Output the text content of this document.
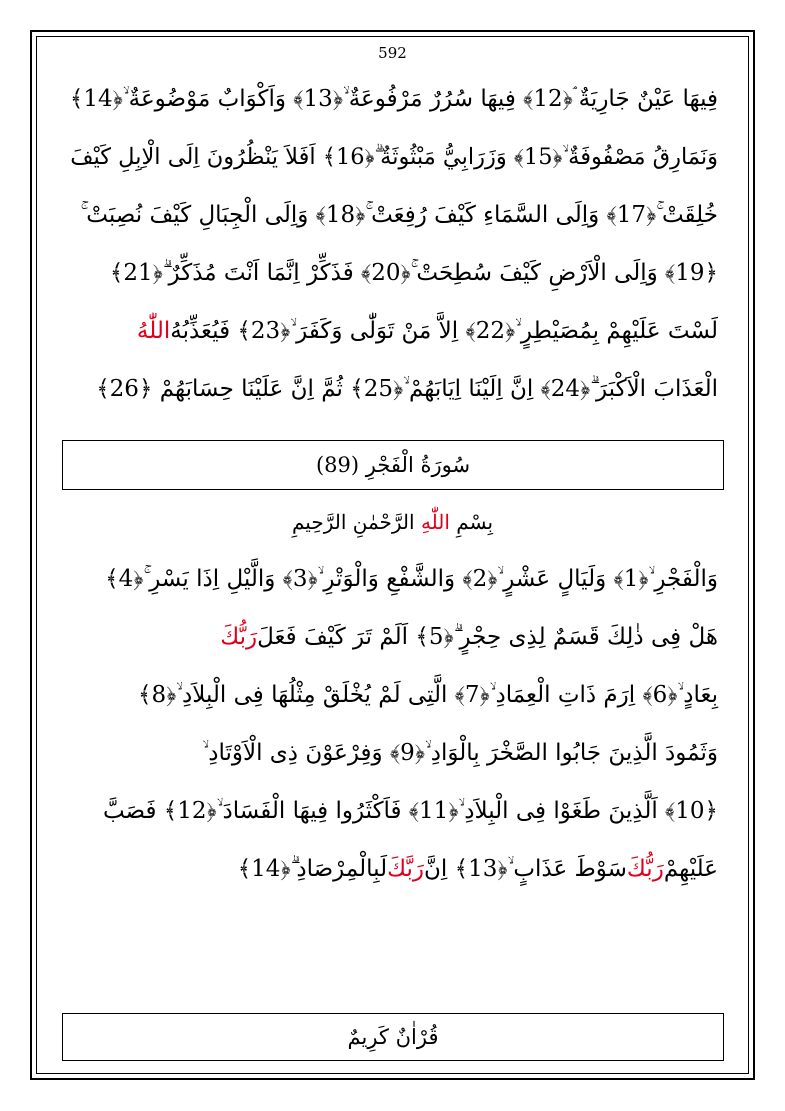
592
فِيهَا عَيْنٌ جَارِيَةٌ ۘ﴿12﴾ فِيهَا سُرُرٌ مَرْفُوعَةٌ ۙ﴿13﴾ وَاَكْوَابٌ مَوْضُوعَةٌ ۙ﴿14﴾
وَنَمَارِقُ مَصْفُوفَةٌ ۙ﴿15﴾ وَزَرَابِيُّ مَبْثُوثَةٌ ۗ﴿16﴾ اَفَلاَ يَنْظُرُونَ اِلَى الْاِبِلِ كَيْفَ
خُلِقَتْ ۚ﴿17﴾ وَاِلَى السَّمَاءِ كَيْفَ رُفِعَتْ ۚ﴿18﴾ وَاِلَى الْجِبَالِ كَيْفَ نُصِبَتْ ۚ
﴿19﴾ وَاِلَى الْاَرْضِ كَيْفَ سُطِحَتْ ۚ﴿20﴾ فَذَكِّرْ اِنَّمَا اَنْتَ مُذَكِّرٌ ۗ﴿21﴾
لَسْتَ عَلَيْهِمْ بِمُصَيْطِرٍ ۙ﴿22﴾ اِلاَّ مَنْ تَوَلّٰى وَكَفَرَ ۙ﴿23﴾ فَيُعَذِّبُهُ
اللّٰهُ
الْعَذَابَ الْاَكْبَرَ ۗ﴿24﴾ اِنَّ اِلَيْنَا اِيَابَهُمْ ۙ﴿25﴾ ثُمَّ اِنَّ عَلَيْنَا حِسَابَهُمْ ﴿26﴾
سُورَةُ الْفَجْرِ (89)
بِسْمِ اللّٰهِ الرَّحْمٰنِ الرَّحِيمِ
وَالْفَجْرِ ۙ﴿1﴾ وَلَيَالٍ عَشْرٍ ۙ﴿2﴾ وَالشَّفْعِ وَالْوَتْرِ ۙ﴿3﴾ وَالَّيْلِ اِذَا يَسْرِ ۚ﴿4﴾
هَلْ فِى ذٰلِكَ قَسَمٌ لِذِى حِجْرٍ ۗ﴿5﴾ اَلَمْ تَرَ كَيْفَ فَعَلَ
رَبُّكَ
بِعَادٍ ۙ﴿6﴾ اِرَمَ ذَاتِ الْعِمَادِ ۙ﴿7﴾ الَّتِى لَمْ يُخْلَقْ مِثْلُهَا فِى الْبِلاَدِ ۙ﴿8﴾
وَثَمُودَ الَّذِينَ جَابُوا الصَّخْرَ بِالْوَادِ ۙ﴿9﴾ وَفِرْعَوْنَ ذِى الْاَوْتَادِ ۙ
﴿10﴾ اَلَّذِينَ طَغَوْا فِى الْبِلاَدِ ۙ﴿11﴾ فَاَكْثَرُوا فِيهَا الْفَسَادَ ۙ﴿12﴾ فَصَبَّ
عَلَيْهِمْ
رَبُّكَ
سَوْطَ عَذَابٍ ۙ﴿13﴾ اِنَّ
رَبَّكَ
لَبِالْمِرْصَادِ ۗ﴿14﴾
قُرْاٰنٌ كَرِيمٌ
